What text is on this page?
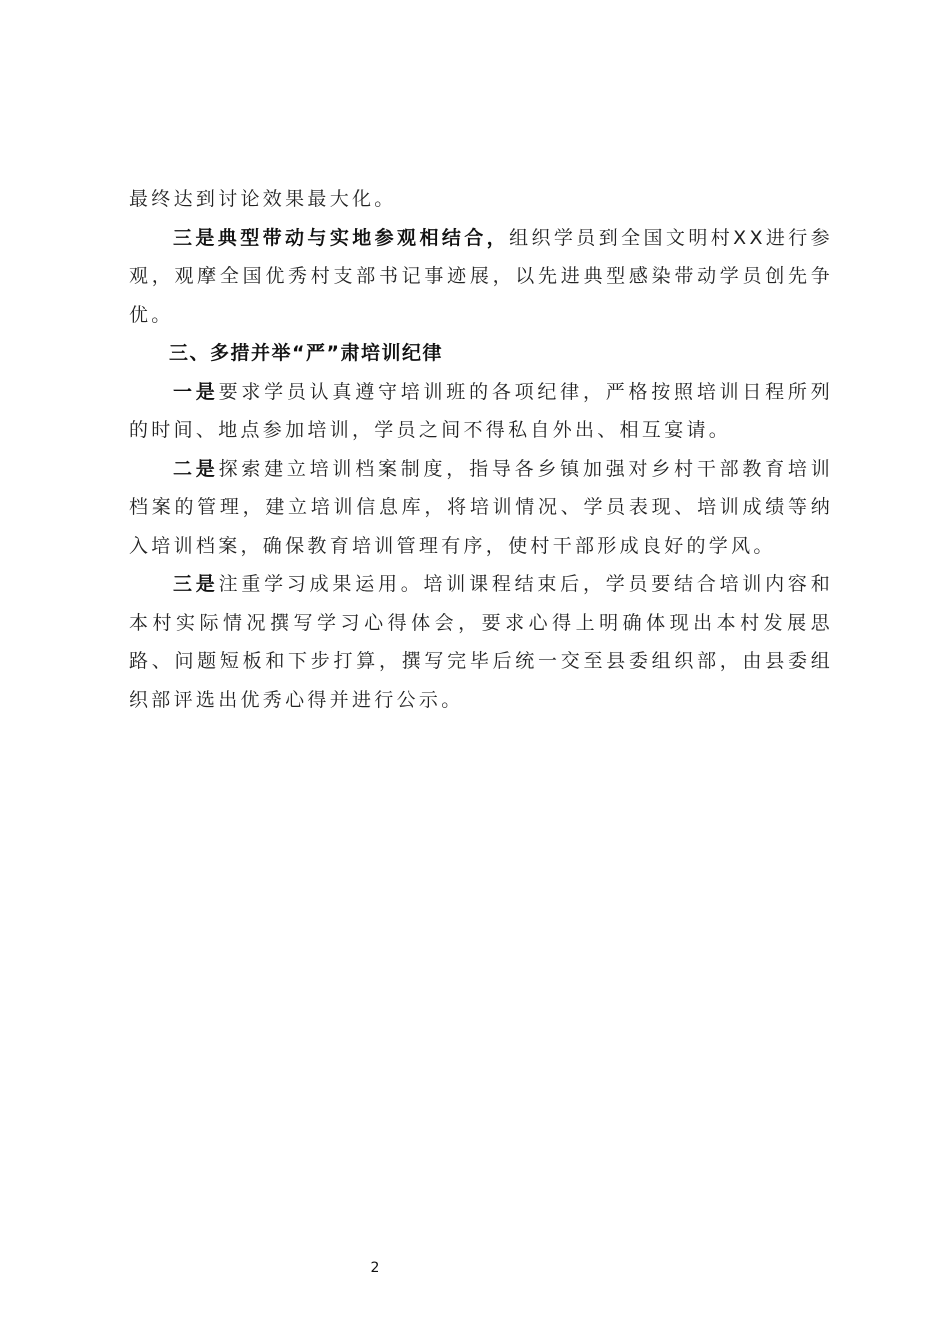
最终达到讨论效果最大化。

三是典型带动与实地参观相结合，组织学员到全国文明村XX进行参观，观摩全国优秀村支部书记事迹展，以先进典型感染带动学员创先争优。

三、多措并举“严”肃培训纪律

一是要求学员认真遵守培训班的各项纪律，严格按照培训日程所列的时间、地点参加培训，学员之间不得私自外出、相互宴请。

二是探索建立培训档案制度，指导各乡镇加强对乡村干部教育培训档案的管理，建立培训信息库，将培训情况、学员表现、培训成绩等纳入培训档案，确保教育培训管理有序，使村干部形成良好的学风。

三是注重学习成果运用。培训课程结束后，学员要结合培训内容和本村实际情况撰写学习心得体会，要求心得上明确体现出本村发展思路、问题短板和下步打算，撰写完毕后统一交至县委组织部，由县委组织部评选出优秀心得并进行公示。

2
